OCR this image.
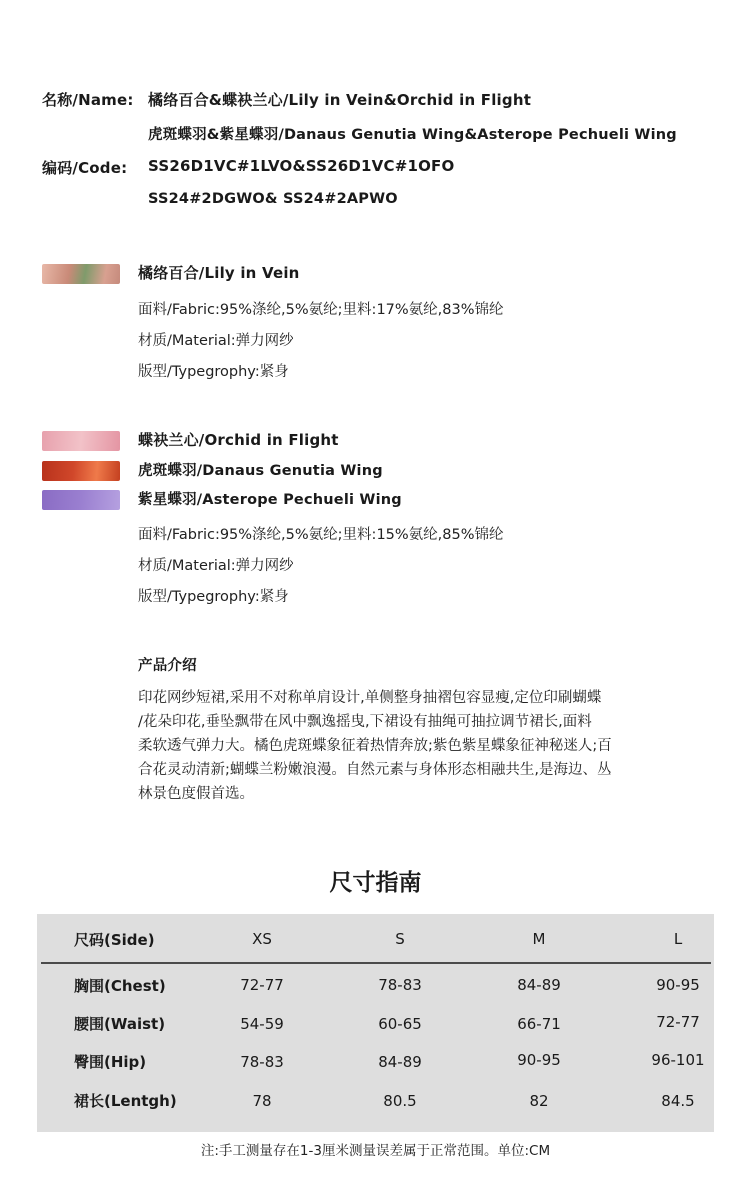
名称/Name: 橘络百合&蝶袂兰心/Lily in Vein&Orchid in Flight
虎斑蝶羽&紫星蝶羽/Danaus Genutia Wing&Asterope Pechueli Wing
编码/Code: SS26D1VC#1LVO&SS26D1VC#1OFO
SS24#2DGWO& SS24#2APWO
橘络百合/Lily in Vein
面料/Fabric:95%涤纶,5%氨纶;里料:17%氨纶,83%锦纶
材质/Material:弹力网纱
版型/Typegrophy:紧身
蝶袂兰心/Orchid in Flight
虎斑蝶羽/Danaus Genutia Wing
紫星蝶羽/Asterope Pechueli Wing
面料/Fabric:95%涤纶,5%氨纶;里料:15%氨纶,85%锦纶
材质/Material:弹力网纱
版型/Typegrophy:紧身
产品介绍
印花网纱短裙,采用不对称单肩设计,单侧整身抽褶包容显瘦,定位印刷蝴蝶
/花朵印花,垂坠飘带在风中飘逸摇曳,下裙设有抽绳可抽拉调节裙长,面料
柔软透气弹力大。橘色虎斑蝶象征着热情奔放;紫色紫星蝶象征神秘迷人;百
合花灵动清新;蝴蝶兰粉嫩浪漫。自然元素与身体形态相融共生,是海边、丛
林景色度假首选。
尺寸指南
尺码(Side)	XS	S	M	L
胸围(Chest)	72-77	78-83	84-89	90-95
腰围(Waist)	54-59	60-65	66-71	72-77
臀围(Hip)	78-83	84-89	90-95	96-101
裙长(Lentgh)	78	80.5	82	84.5
注:手工测量存在1-3厘米测量误差属于正常范围。单位:CM
